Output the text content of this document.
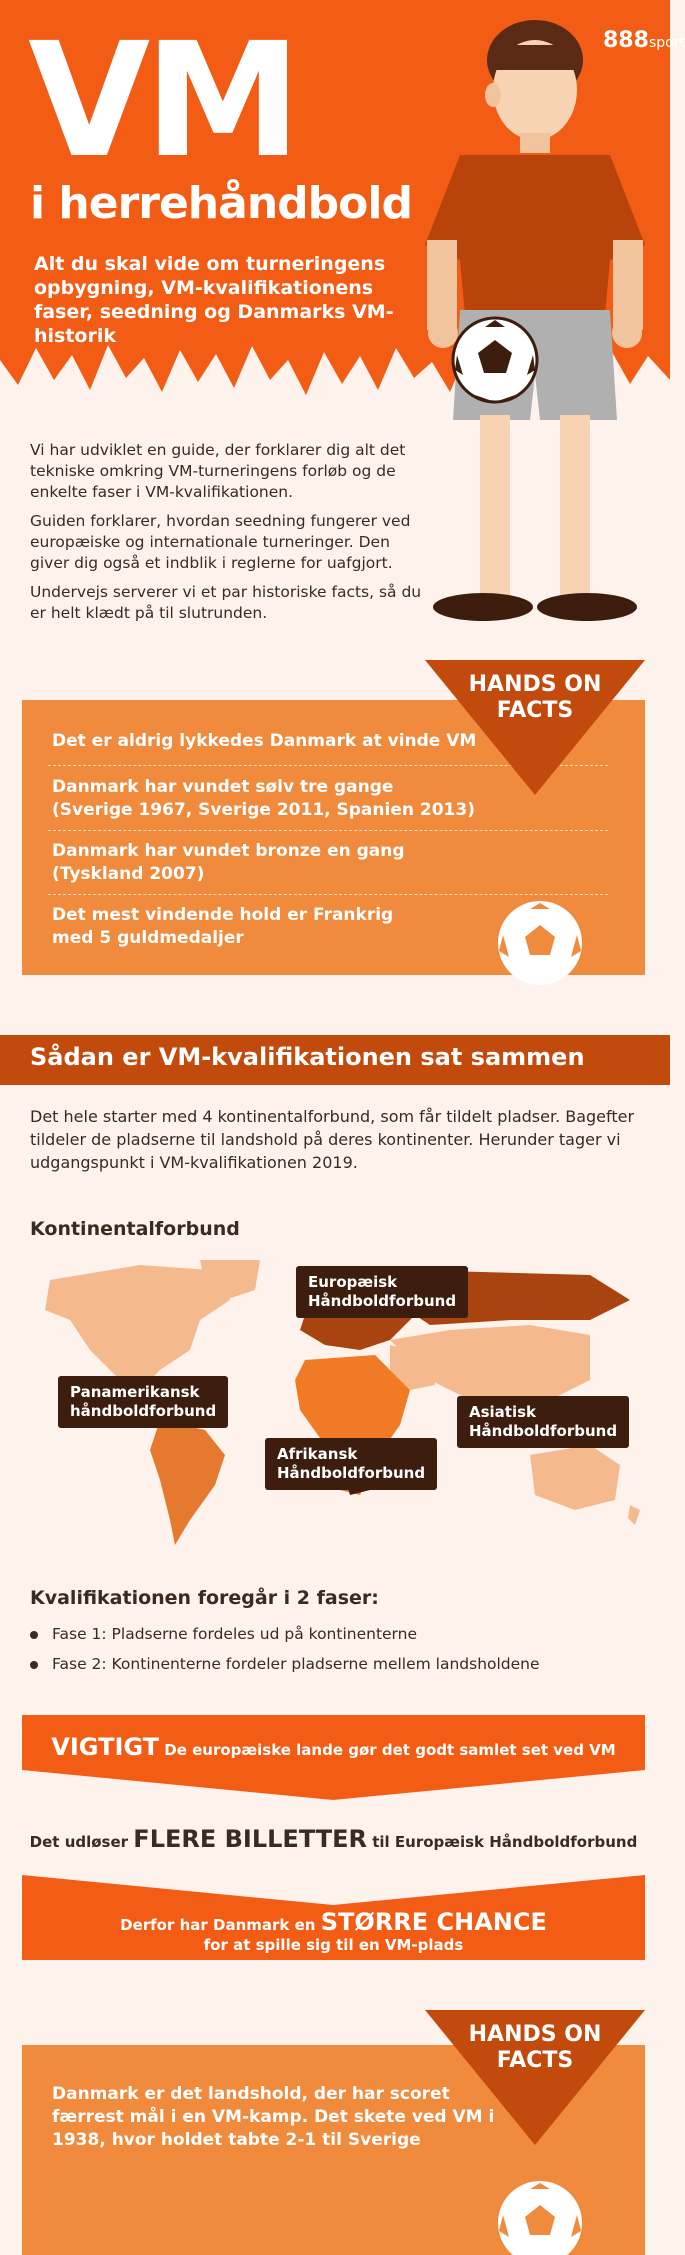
VM
i herrehåndbold
Alt du skal vide om turneringens opbygning, VM-kvalifikationens faser, seedning og Danmarks VM-historik
888sport

Vi har udviklet en guide, der forklarer dig alt det tekniske omkring VM-turneringens forløb og de enkelte faser i VM-kvalifikationen.

Guiden forklarer, hvordan seedning fungerer ved europæiske og internationale turneringer. Den giver dig også et indblik i reglerne for uafgjort.

Undervejs serverer vi et par historiske facts, så du er helt klædt på til slutrunden.

Det er aldrig lykkedes Danmark at vinde VM
Danmark har vundet sølv tre gange
(Sverige 1967, Sverige 2011, Spanien 2013)
Danmark har vundet bronze en gang
(Tyskland 2007)
Det mest vindende hold er Frankrig
med 5 guldmedaljer
HANDS ON
FACTS
Sådan er VM-kvalifikationen sat sammen
Det hele starter med 4 kontinentalforbund, som får tildelt pladser. Bagefter tildeler de pladserne til landshold på deres kontinenter. Herunder tager vi udgangspunkt i VM-kvalifikationen 2019.
Kontinentalforbund
Europæisk
Håndboldforbund
Panamerikansk
håndboldforbund
Afrikansk
Håndboldforbund
Asiatisk
Håndboldforbund
Kvalifikationen foregår i 2 faser:
Fase 1: Pladserne fordeles ud på kontinenterne
Fase 2: Kontinenterne fordeler pladserne mellem landsholdene
VIGTIGT De europæiske lande gør det godt samlet set ved VM
Det udløser FLERE BILLETTER til Europæisk Håndboldforbund
Derfor har Danmark en STØRRE CHANCE
for at spille sig til en VM-plads
Danmark er det landshold, der har scoret
færrest mål i en VM-kamp. Det skete ved VM i
1938, hvor holdet tabte 2-1 til Sverige
HANDS ON
FACTS
